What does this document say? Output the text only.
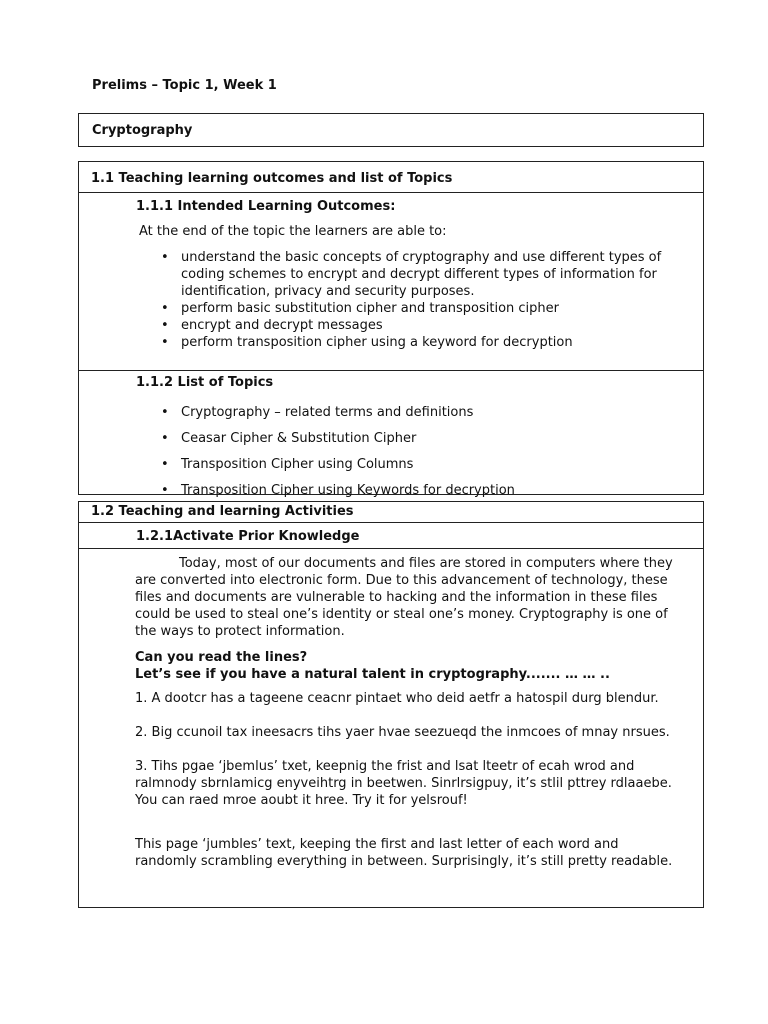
Prelims – Topic 1, Week 1
Cryptography
1.1 Teaching learning outcomes and list of Topics
1.1.1 Intended Learning Outcomes:
At the end of the topic the learners are able to:
• understand the basic concepts of cryptography and use different types of coding schemes to encrypt and decrypt different types of information for identification, privacy and security purposes.
• perform basic substitution cipher and transposition cipher
• encrypt and decrypt messages
• perform transposition cipher using a keyword for decryption
1.1.2 List of Topics
• Cryptography – related terms and definitions
• Ceasar Cipher & Substitution Cipher
• Transposition Cipher using Columns
• Transposition Cipher using Keywords for decryption
1.2 Teaching and learning Activities
1.2.1Activate Prior Knowledge
Today, most of our documents and files are stored in computers where they are converted into electronic form. Due to this advancement of technology, these files and documents are vulnerable to hacking and the information in these files could be used to steal one’s identity or steal one’s money. Cryptography is one of the ways to protect information.
Can you read the lines?
Let’s see if you have a natural talent in cryptography....... … … ..
1. A dootcr has a tageene ceacnr pintaet who deid aetfr a hatospil durg blendur.
2. Big ccunoil tax ineesacrs tihs yaer hvae seezueqd the inmcoes of mnay nrsues.
3. Tihs pgae ‘jbemlus’ txet, keepnig the frist and lsat lteetr of ecah wrod and ralmnody sbrnlamicg enyveihtrg in beetwen. Sinrlrsigpuy, it’s stlil pttrey rdlaaebe. You can raed mroe aoubt it hree. Try it for yelsrouf!
This page ‘jumbles’ text, keeping the first and last letter of each word and randomly scrambling everything in between. Surprisingly, it’s still pretty readable.
